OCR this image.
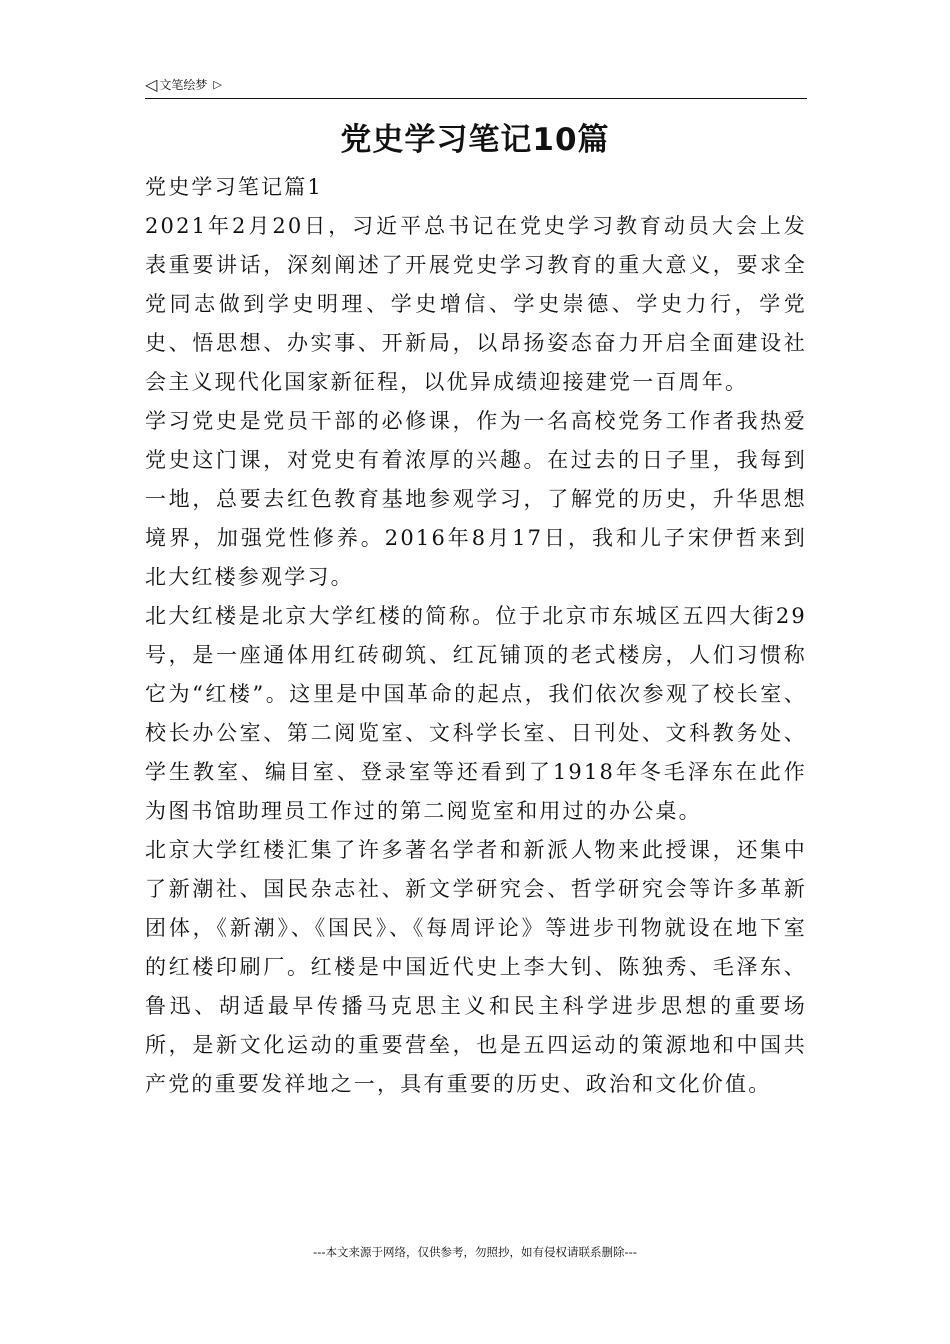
◁ 文笔绘梦 ▷
党史学习笔记10篇
党史学习笔记篇1

2021年2月20日，习近平总书记在党史学习教育动员大会上发表重要讲话，深刻阐述了开展党史学习教育的重大意义，要求全党同志做到学史明理、学史增信、学史崇德、学史力行，学党史、悟思想、办实事、开新局，以昂扬姿态奋力开启全面建设社会主义现代化国家新征程，以优异成绩迎接建党一百周年。

学习党史是党员干部的必修课，作为一名高校党务工作者我热爱党史这门课，对党史有着浓厚的兴趣。在过去的日子里，我每到一地，总要去红色教育基地参观学习，了解党的历史，升华思想境界，加强党性修养。2016年8月17日，我和儿子宋伊哲来到北大红楼参观学习。

北大红楼是北京大学红楼的简称。位于北京市东城区五四大街29号，是一座通体用红砖砌筑、红瓦铺顶的老式楼房，人们习惯称它为“红楼”。这里是中国革命的起点，我们依次参观了校长室、校长办公室、第二阅览室、文科学长室、日刊处、文科教务处、学生教室、编目室、登录室等还看到了1918年冬毛泽东在此作为图书馆助理员工作过的第二阅览室和用过的办公桌。

北京大学红楼汇集了许多著名学者和新派人物来此授课，还集中了新潮社、国民杂志社、新文学研究会、哲学研究会等许多革新团体，《新潮》、《国民》、《每周评论》等进步刊物就设在地下室的红楼印刷厂。红楼是中国近代史上李大钊、陈独秀、毛泽东、鲁迅、胡适最早传播马克思主义和民主科学进步思想的重要场所，是新文化运动的重要营垒，也是五四运动的策源地和中国共产党的重要发祥地之一，具有重要的历史、政治和文化价值。

---本文来源于网络，仅供参考，勿照抄，如有侵权请联系删除---
